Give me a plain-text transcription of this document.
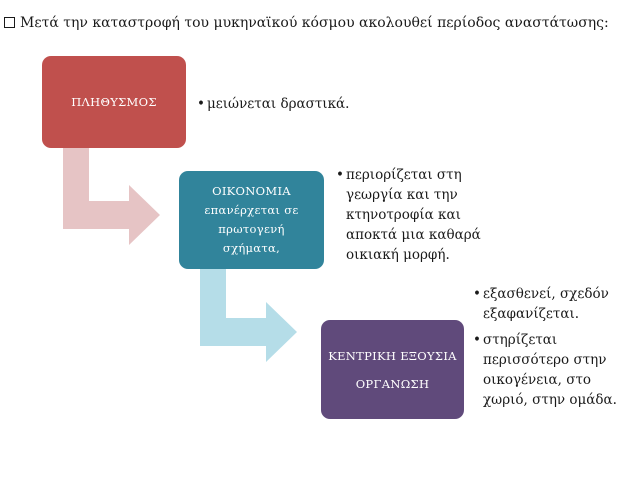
Μετά την καταστροφή του μυκηναϊκού κόσμου ακολουθεί περίοδος αναστάτωσης:
ΠΛΗΘΥΣΜΟΣ
ΟΙΚΟΝΟΜΙΑ
επανέρχεται σε
πρωτογενή
σχήματα,
ΚΕΝΤΡΙΚΗ ΕΞΟΥΣΙΑ
ΟΡΓΑΝΩΣΗ
• μειώνεται δραστικά.
• περιορίζεται στη
γεωργία και την
κτηνοτροφία και
αποκτά μια καθαρά
οικιακή μορφή.
• εξασθενεί, σχεδόν
εξαφανίζεται.
• στηρίζεται
περισσότερο στην
οικογένεια, στο
χωριό, στην ομάδα.
